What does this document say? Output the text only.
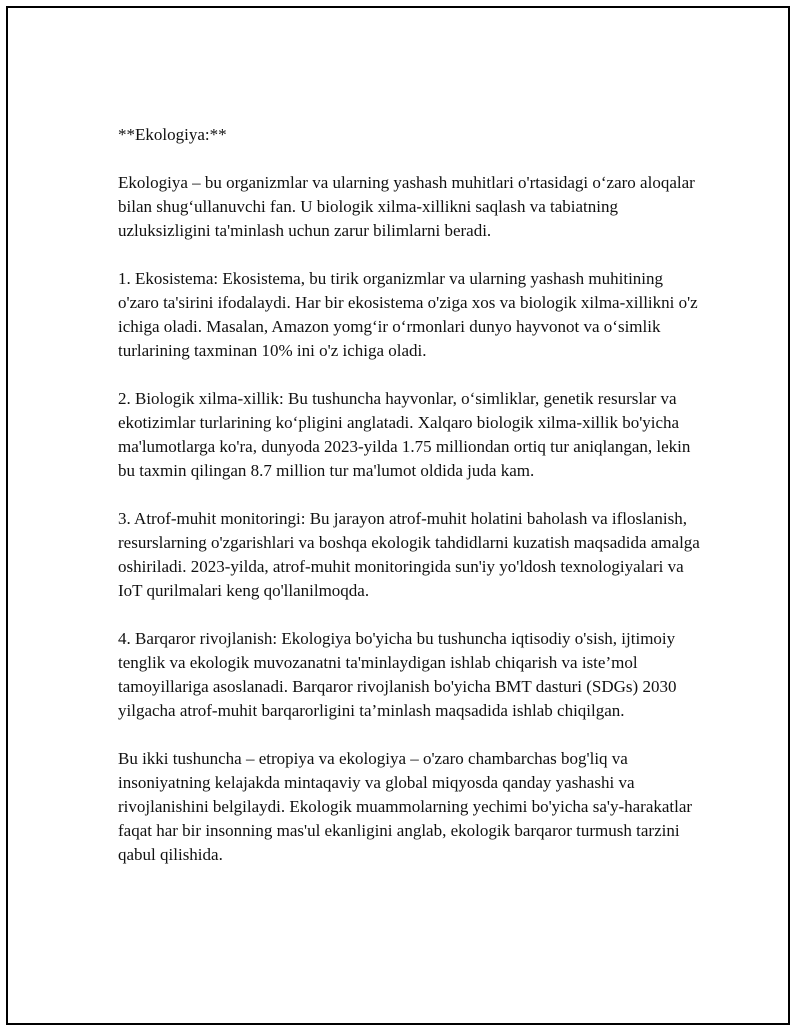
**Ekologiya:**

Ekologiya – bu organizmlar va ularning yashash muhitlari o'rtasidagi o‘zaro aloqalar bilan shug‘ullanuvchi fan. U biologik xilma-xillikni saqlash va tabiatning uzluksizligini ta'minlash uchun zarur bilimlarni beradi.

1. Ekosistema: Ekosistema, bu tirik organizmlar va ularning yashash muhitining o'zaro ta'sirini ifodalaydi. Har bir ekosistema o'ziga xos va biologik xilma-xillikni o'z ichiga oladi. Masalan, Amazon yomg‘ir o‘rmonlari dunyo hayvonot va o‘simlik turlarining taxminan 10% ini o'z ichiga oladi.

2. Biologik xilma-xillik: Bu tushuncha hayvonlar, o‘simliklar, genetik resurslar va ekotizimlar turlarining ko‘pligini anglatadi. Xalqaro biologik xilma-xillik bo'yicha ma'lumotlarga ko'ra, dunyoda 2023-yilda 1.75 milliondan ortiq tur aniqlangan, lekin bu taxmin qilingan 8.7 million tur ma'lumot oldida juda kam.

3. Atrof-muhit monitoringi: Bu jarayon atrof-muhit holatini baholash va ifloslanish, resurslarning o'zgarishlari va boshqa ekologik tahdidlarni kuzatish maqsadida amalga oshiriladi. 2023-yilda, atrof-muhit monitoringida sun'iy yo'ldosh texnologiyalari va IoT qurilmalari keng qo'llanilmoqda.

4. Barqaror rivojlanish: Ekologiya bo'yicha bu tushuncha iqtisodiy o'sish, ijtimoiy tenglik va ekologik muvozanatni ta'minlaydigan ishlab chiqarish va iste’mol tamoyillariga asoslanadi. Barqaror rivojlanish bo'yicha BMT dasturi (SDGs) 2030 yilgacha atrof-muhit barqarorligini ta’minlash maqsadida ishlab chiqilgan.

Bu ikki tushuncha – etropiya va ekologiya – o'zaro chambarchas bog'liq va insoniyatning kelajakda mintaqaviy va global miqyosda qanday yashashi va rivojlanishini belgilaydi. Ekologik muammolarning yechimi bo'yicha sa'y-harakatlar faqat har bir insonning mas'ul ekanligini anglab, ekologik barqaror turmush tarzini qabul qilishida.
